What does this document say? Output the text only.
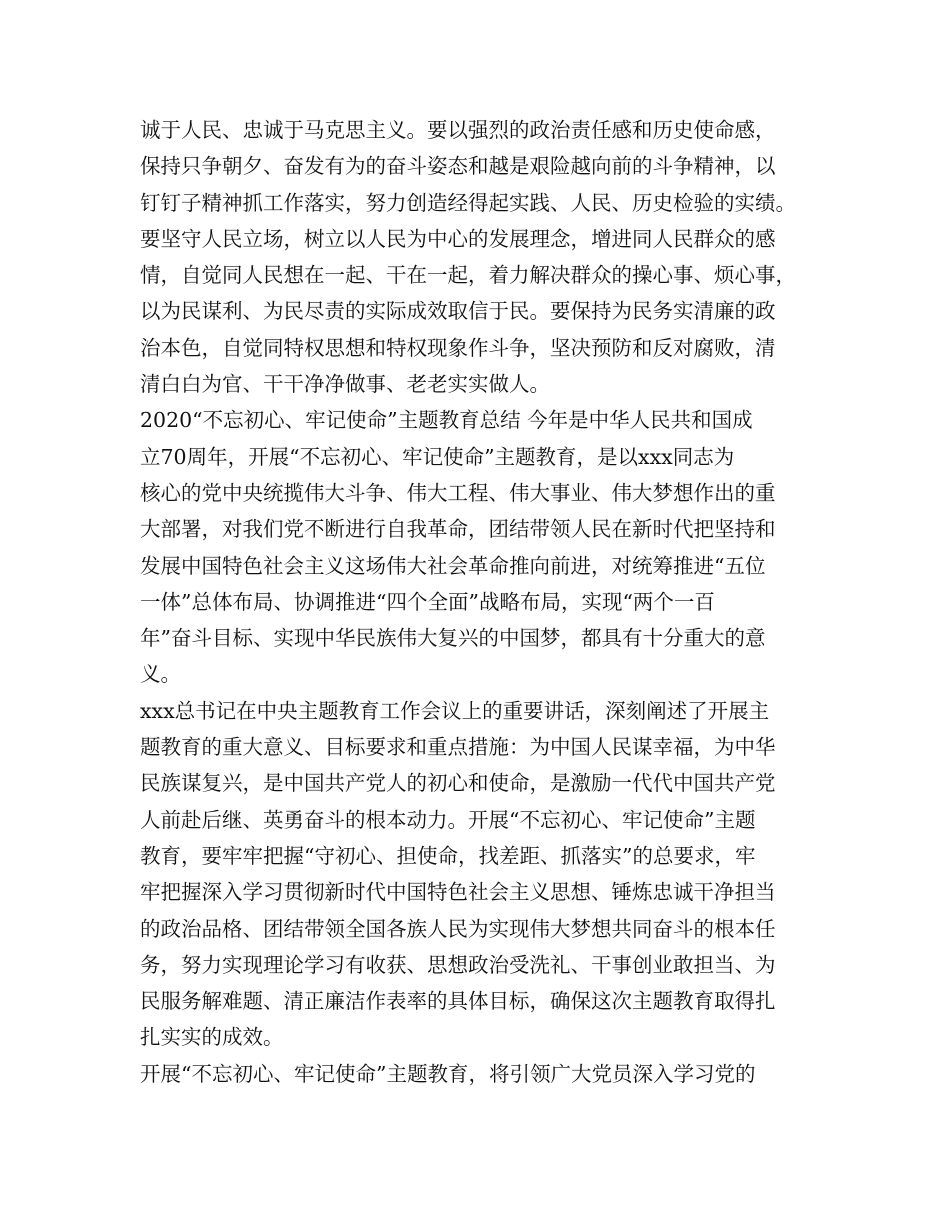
诚于人民、忠诚于马克思主义。要以强烈的政治责任感和历史使命感，
保持只争朝夕、奋发有为的奋斗姿态和越是艰险越向前的斗争精神，以
钉钉子精神抓工作落实，努力创造经得起实践、人民、历史检验的实绩。
要坚守人民立场，树立以人民为中心的发展理念，增进同人民群众的感
情，自觉同人民想在一起、干在一起，着力解决群众的操心事、烦心事，
以为民谋利、为民尽责的实际成效取信于民。要保持为民务实清廉的政
治本色，自觉同特权思想和特权现象作斗争，坚决预防和反对腐败，清
清白白为官、干干净净做事、老老实实做人。
2020“不忘初心、牢记使命”主题教育总结 今年是中华人民共和国成
立70周年，开展“不忘初心、牢记使命”主题教育，是以xxx同志为
核心的党中央统揽伟大斗争、伟大工程、伟大事业、伟大梦想作出的重
大部署，对我们党不断进行自我革命，团结带领人民在新时代把坚持和
发展中国特色社会主义这场伟大社会革命推向前进，对统筹推进“五位
一体”总体布局、协调推进“四个全面”战略布局，实现“两个一百
年”奋斗目标、实现中华民族伟大复兴的中国梦，都具有十分重大的意
义。
xxx总书记在中央主题教育工作会议上的重要讲话，深刻阐述了开展主
题教育的重大意义、目标要求和重点措施：为中国人民谋幸福，为中华
民族谋复兴，是中国共产党人的初心和使命，是激励一代代中国共产党
人前赴后继、英勇奋斗的根本动力。开展“不忘初心、牢记使命”主题
教育，要牢牢把握“守初心、担使命，找差距、抓落实”的总要求，牢
牢把握深入学习贯彻新时代中国特色社会主义思想、锤炼忠诚干净担当
的政治品格、团结带领全国各族人民为实现伟大梦想共同奋斗的根本任
务，努力实现理论学习有收获、思想政治受洗礼、干事创业敢担当、为
民服务解难题、清正廉洁作表率的具体目标，确保这次主题教育取得扎
扎实实的成效。
开展“不忘初心、牢记使命”主题教育，将引领广大党员深入学习党的
